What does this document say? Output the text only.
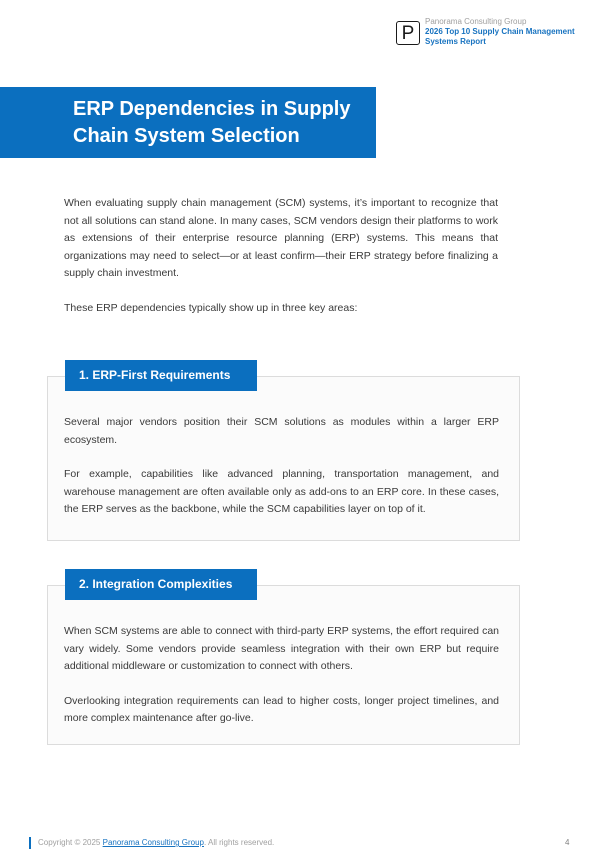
P
Panorama Consulting Group
2026 Top 10 Supply Chain Management
Systems Report
ERP Dependencies in Supply
Chain System Selection

When evaluating supply chain management (SCM) systems, it’s important to recognize that not all solutions can stand alone. In many cases, SCM vendors design their platforms to work as extensions of their enterprise resource planning (ERP) systems. This means that organizations may need to select—or at least confirm—their ERP strategy before finalizing a supply chain investment.

These ERP dependencies typically show up in three key areas:

Several major vendors position their SCM solutions as modules within a larger ERP ecosystem.

For example, capabilities like advanced planning, transportation management, and warehouse management are often available only as add-ons to an ERP core. In these cases, the ERP serves as the backbone, while the SCM capabilities layer on top of it.

1. ERP-First Requirements

When SCM systems are able to connect with third-party ERP systems, the effort required can vary widely. Some vendors provide seamless integration with their own ERP but require additional middleware or customization to connect with others.

Overlooking integration requirements can lead to higher costs, longer project timelines, and more complex maintenance after go-live.

2. Integration Complexities
Copyright © 2025 Panorama Consulting Group. All rights reserved.	4
